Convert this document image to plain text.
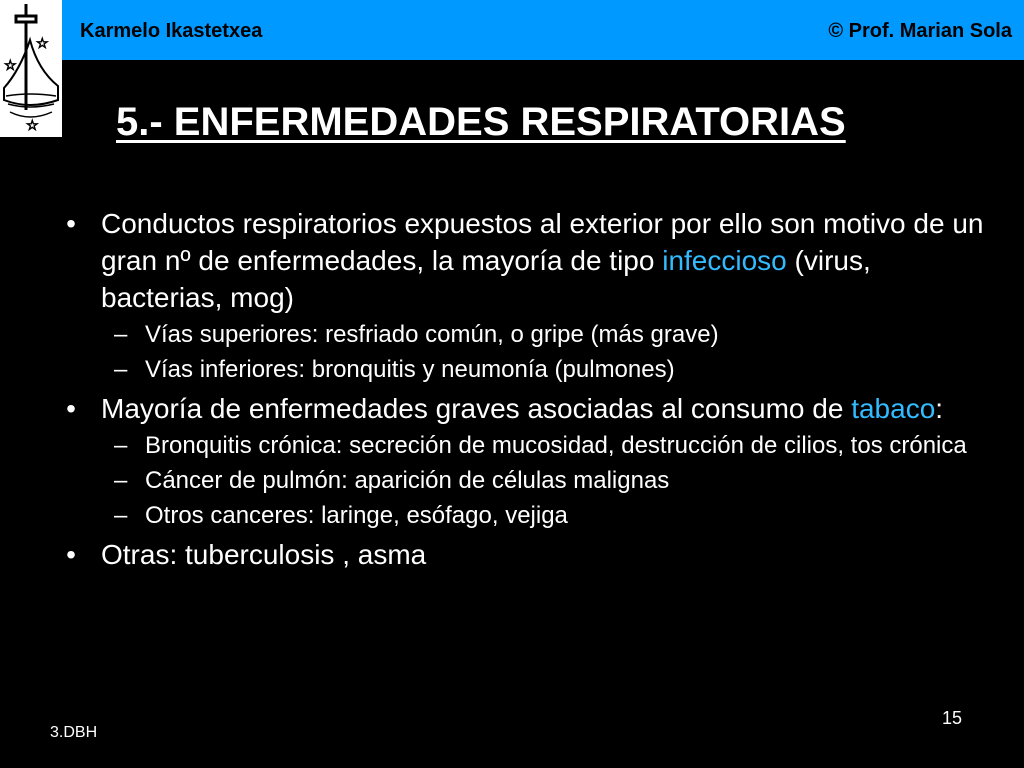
☆
☆
☆
Karmelo Ikastetxea	© Prof. Marian Sola
5.- ENFERMEDADES RESPIRATORIAS
• Conductos respiratorios expuestos al exterior por ello son motivo de un gran nº de enfermedades, la mayoría de tipo infeccioso (virus, bacterias, mog)
– Vías superiores: resfriado común, o gripe (más grave)
– Vías inferiores: bronquitis y neumonía (pulmones)
• Mayoría de enfermedades graves asociadas al consumo de tabaco:
– Bronquitis crónica: secreción de mucosidad, destrucción de cilios, tos crónica
– Cáncer de pulmón: aparición de células malignas
– Otros canceres: laringe, esófago, vejiga
• Otras: tuberculosis , asma
3.DBH
15
